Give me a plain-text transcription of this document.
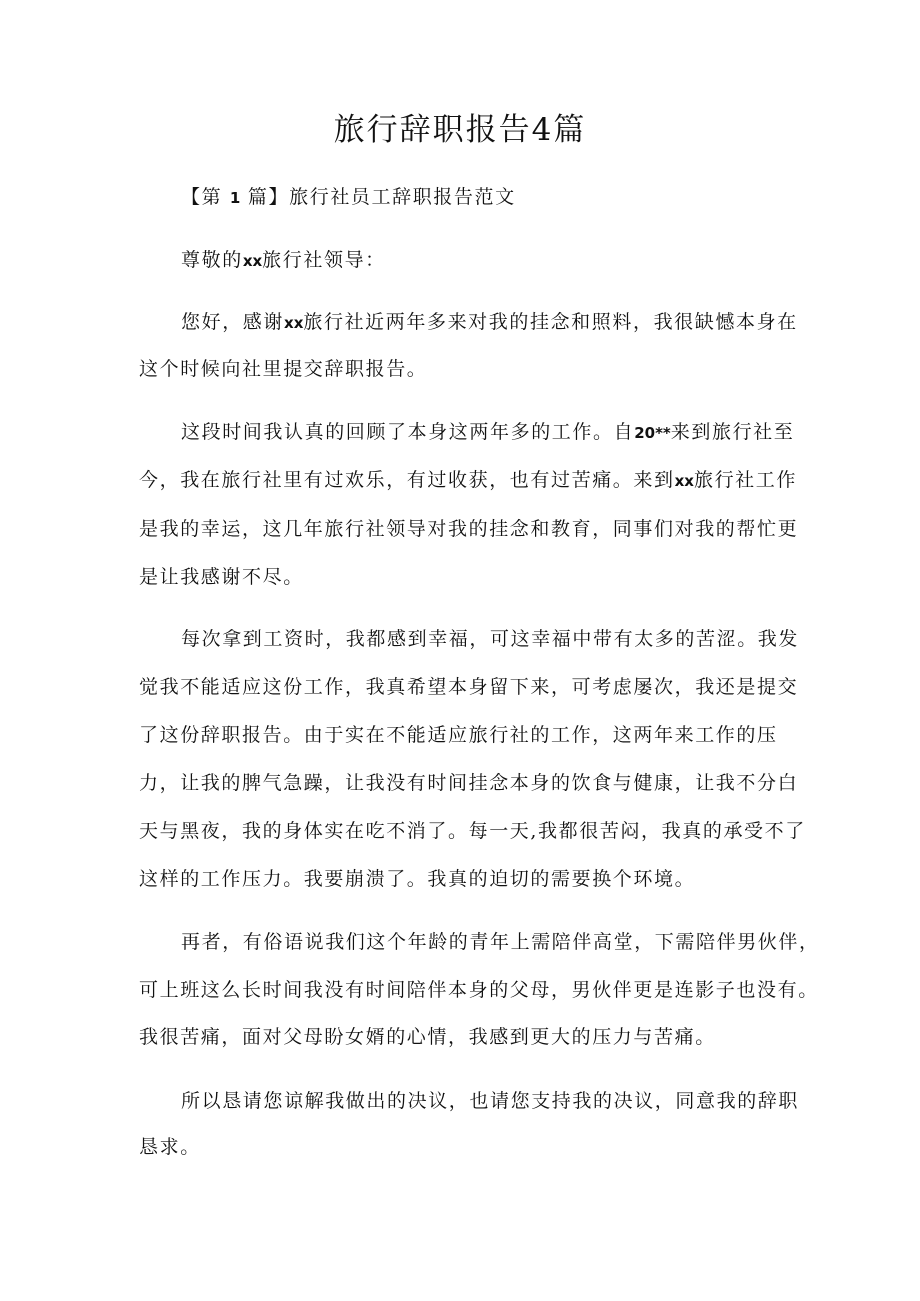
旅行辞职报告4篇

【第 1 篇】旅行社员工辞职报告范文

尊敬的xx旅行社领导：

您好，感谢xx旅行社近两年多来对我的挂念和照料，我很缺憾本身在

这个时候向社里提交辞职报告。

这段时间我认真的回顾了本身这两年多的工作。自20**来到旅行社至

今，我在旅行社里有过欢乐，有过收获，也有过苦痛。来到xx旅行社工作

是我的幸运，这几年旅行社领导对我的挂念和教育，同事们对我的帮忙更

是让我感谢不尽。

每次拿到工资时，我都感到幸福，可这幸福中带有太多的苦涩。我发

觉我不能适应这份工作，我真希望本身留下来，可考虑屡次，我还是提交

了这份辞职报告。由于实在不能适应旅行社的工作，这两年来工作的压

力，让我的脾气急躁，让我没有时间挂念本身的饮食与健康，让我不分白

天与黑夜，我的身体实在吃不消了。每一天,我都很苦闷，我真的承受不了

这样的工作压力。我要崩溃了。我真的迫切的需要换个环境。

再者，有俗语说我们这个年龄的青年上需陪伴高堂，下需陪伴男伙伴，

可上班这么长时间我没有时间陪伴本身的父母，男伙伴更是连影子也没有。

我很苦痛，面对父母盼女婿的心情，我感到更大的压力与苦痛。

所以恳请您谅解我做出的决议，也请您支持我的决议，同意我的辞职

恳求。
